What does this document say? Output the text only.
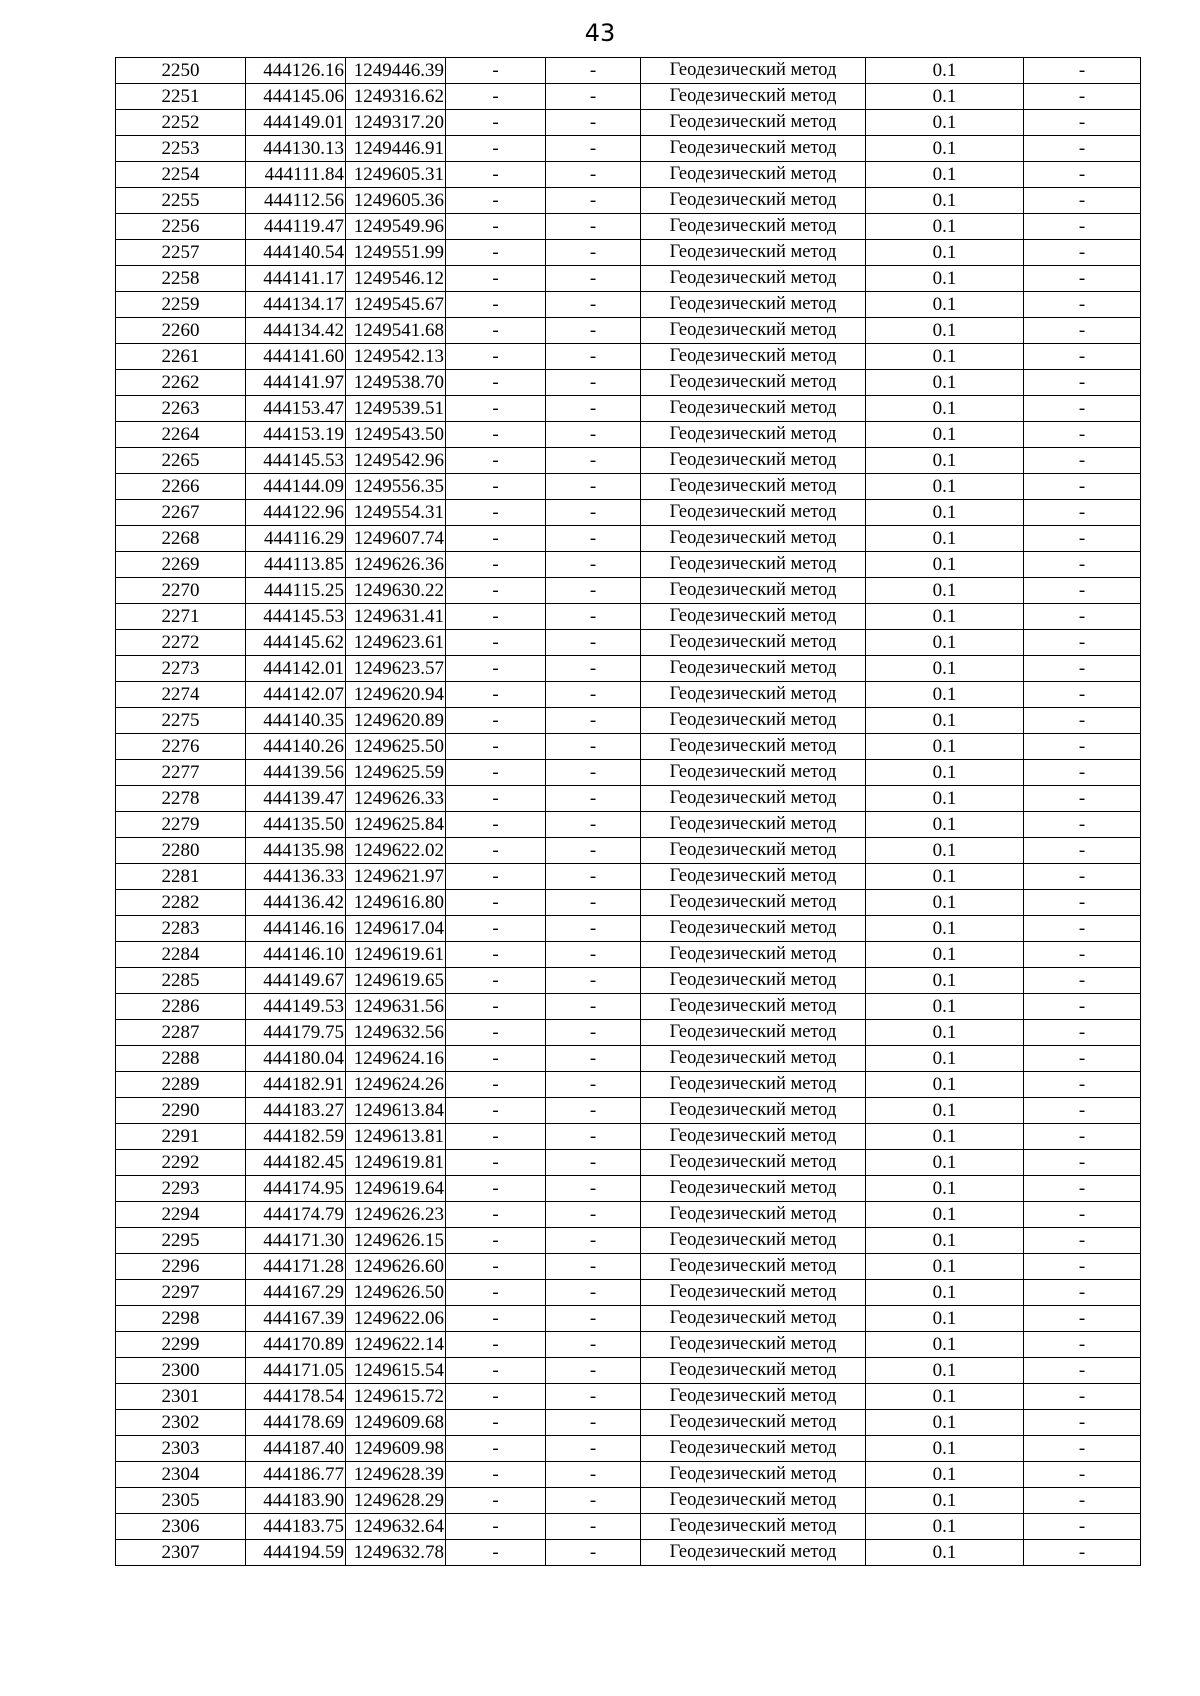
43
2250	444126.16	1249446.39	-	-	Геодезический метод	0.1	-
2251	444145.06	1249316.62	-	-	Геодезический метод	0.1	-
2252	444149.01	1249317.20	-	-	Геодезический метод	0.1	-
2253	444130.13	1249446.91	-	-	Геодезический метод	0.1	-
2254	444111.84	1249605.31	-	-	Геодезический метод	0.1	-
2255	444112.56	1249605.36	-	-	Геодезический метод	0.1	-
2256	444119.47	1249549.96	-	-	Геодезический метод	0.1	-
2257	444140.54	1249551.99	-	-	Геодезический метод	0.1	-
2258	444141.17	1249546.12	-	-	Геодезический метод	0.1	-
2259	444134.17	1249545.67	-	-	Геодезический метод	0.1	-
2260	444134.42	1249541.68	-	-	Геодезический метод	0.1	-
2261	444141.60	1249542.13	-	-	Геодезический метод	0.1	-
2262	444141.97	1249538.70	-	-	Геодезический метод	0.1	-
2263	444153.47	1249539.51	-	-	Геодезический метод	0.1	-
2264	444153.19	1249543.50	-	-	Геодезический метод	0.1	-
2265	444145.53	1249542.96	-	-	Геодезический метод	0.1	-
2266	444144.09	1249556.35	-	-	Геодезический метод	0.1	-
2267	444122.96	1249554.31	-	-	Геодезический метод	0.1	-
2268	444116.29	1249607.74	-	-	Геодезический метод	0.1	-
2269	444113.85	1249626.36	-	-	Геодезический метод	0.1	-
2270	444115.25	1249630.22	-	-	Геодезический метод	0.1	-
2271	444145.53	1249631.41	-	-	Геодезический метод	0.1	-
2272	444145.62	1249623.61	-	-	Геодезический метод	0.1	-
2273	444142.01	1249623.57	-	-	Геодезический метод	0.1	-
2274	444142.07	1249620.94	-	-	Геодезический метод	0.1	-
2275	444140.35	1249620.89	-	-	Геодезический метод	0.1	-
2276	444140.26	1249625.50	-	-	Геодезический метод	0.1	-
2277	444139.56	1249625.59	-	-	Геодезический метод	0.1	-
2278	444139.47	1249626.33	-	-	Геодезический метод	0.1	-
2279	444135.50	1249625.84	-	-	Геодезический метод	0.1	-
2280	444135.98	1249622.02	-	-	Геодезический метод	0.1	-
2281	444136.33	1249621.97	-	-	Геодезический метод	0.1	-
2282	444136.42	1249616.80	-	-	Геодезический метод	0.1	-
2283	444146.16	1249617.04	-	-	Геодезический метод	0.1	-
2284	444146.10	1249619.61	-	-	Геодезический метод	0.1	-
2285	444149.67	1249619.65	-	-	Геодезический метод	0.1	-
2286	444149.53	1249631.56	-	-	Геодезический метод	0.1	-
2287	444179.75	1249632.56	-	-	Геодезический метод	0.1	-
2288	444180.04	1249624.16	-	-	Геодезический метод	0.1	-
2289	444182.91	1249624.26	-	-	Геодезический метод	0.1	-
2290	444183.27	1249613.84	-	-	Геодезический метод	0.1	-
2291	444182.59	1249613.81	-	-	Геодезический метод	0.1	-
2292	444182.45	1249619.81	-	-	Геодезический метод	0.1	-
2293	444174.95	1249619.64	-	-	Геодезический метод	0.1	-
2294	444174.79	1249626.23	-	-	Геодезический метод	0.1	-
2295	444171.30	1249626.15	-	-	Геодезический метод	0.1	-
2296	444171.28	1249626.60	-	-	Геодезический метод	0.1	-
2297	444167.29	1249626.50	-	-	Геодезический метод	0.1	-
2298	444167.39	1249622.06	-	-	Геодезический метод	0.1	-
2299	444170.89	1249622.14	-	-	Геодезический метод	0.1	-
2300	444171.05	1249615.54	-	-	Геодезический метод	0.1	-
2301	444178.54	1249615.72	-	-	Геодезический метод	0.1	-
2302	444178.69	1249609.68	-	-	Геодезический метод	0.1	-
2303	444187.40	1249609.98	-	-	Геодезический метод	0.1	-
2304	444186.77	1249628.39	-	-	Геодезический метод	0.1	-
2305	444183.90	1249628.29	-	-	Геодезический метод	0.1	-
2306	444183.75	1249632.64	-	-	Геодезический метод	0.1	-
2307	444194.59	1249632.78	-	-	Геодезический метод	0.1	-
